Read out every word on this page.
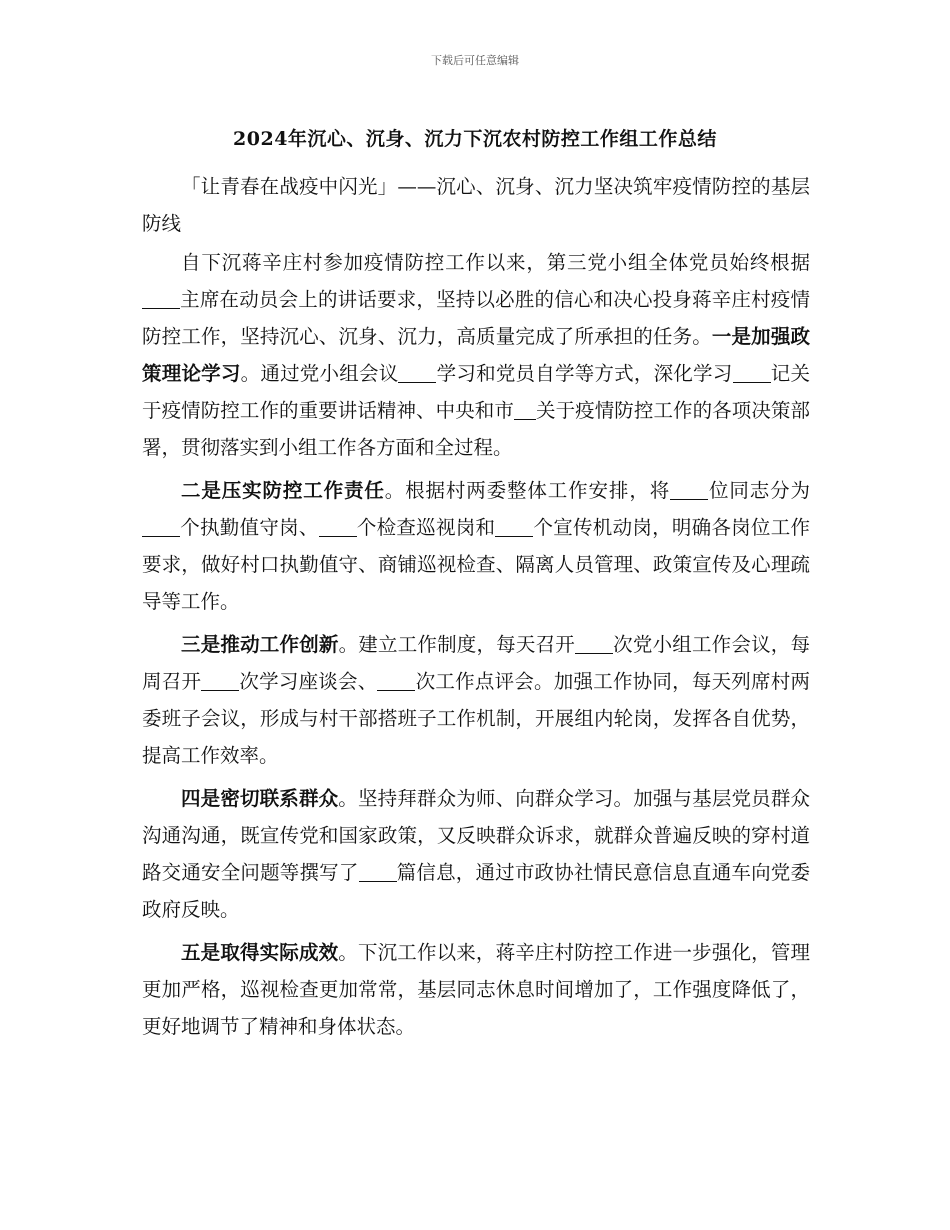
下载后可任意编辑
2024年沉心、沉身、沉力下沉农村防控工作组工作总结

「让青春在战疫中闪光」——沉心、沉身、沉力坚决筑牢疫情防控的基层防线

自下沉蒋辛庄村参加疫情防控工作以来，第三党小组全体党员始终根据主席在动员会上的讲话要求，坚持以必胜的信心和决心投身蒋辛庄村疫情防控工作，坚持沉心、沉身、沉力，高质量完成了所承担的任务。一是加强政策理论学习。通过党小组会议 学习和党员自学等方式，深化学习 记关于疫情防控工作的重要讲话精神、中央和市 关于疫情防控工作的各项决策部署，贯彻落实到小组工作各方面和全过程。

二是压实防控工作责任。根据村两委整体工作安排，将 位同志分为个执勤值守岗、 个检查巡视岗和 个宣传机动岗，明确各岗位工作要求，做好村口执勤值守、商铺巡视检查、隔离人员管理、政策宣传及心理疏导等工作。

三是推动工作创新。建立工作制度，每天召开 次党小组工作会议，每周召开 次学习座谈会、 次工作点评会。加强工作协同，每天列席村两委班子会议，形成与村干部搭班子工作机制，开展组内轮岗，发挥各自优势，提高工作效率。

四是密切联系群众。坚持拜群众为师、向群众学习。加强与基层党员群众沟通沟通，既宣传党和国家政策，又反映群众诉求，就群众普遍反映的穿村道路交通安全问题等撰写了 篇信息，通过市政协社情民意信息直通车向党委政府反映。

五是取得实际成效。下沉工作以来，蒋辛庄村防控工作进一步强化，管理更加严格，巡视检查更加常常，基层同志休息时间增加了，工作强度降低了，更好地调节了精神和身体状态。
